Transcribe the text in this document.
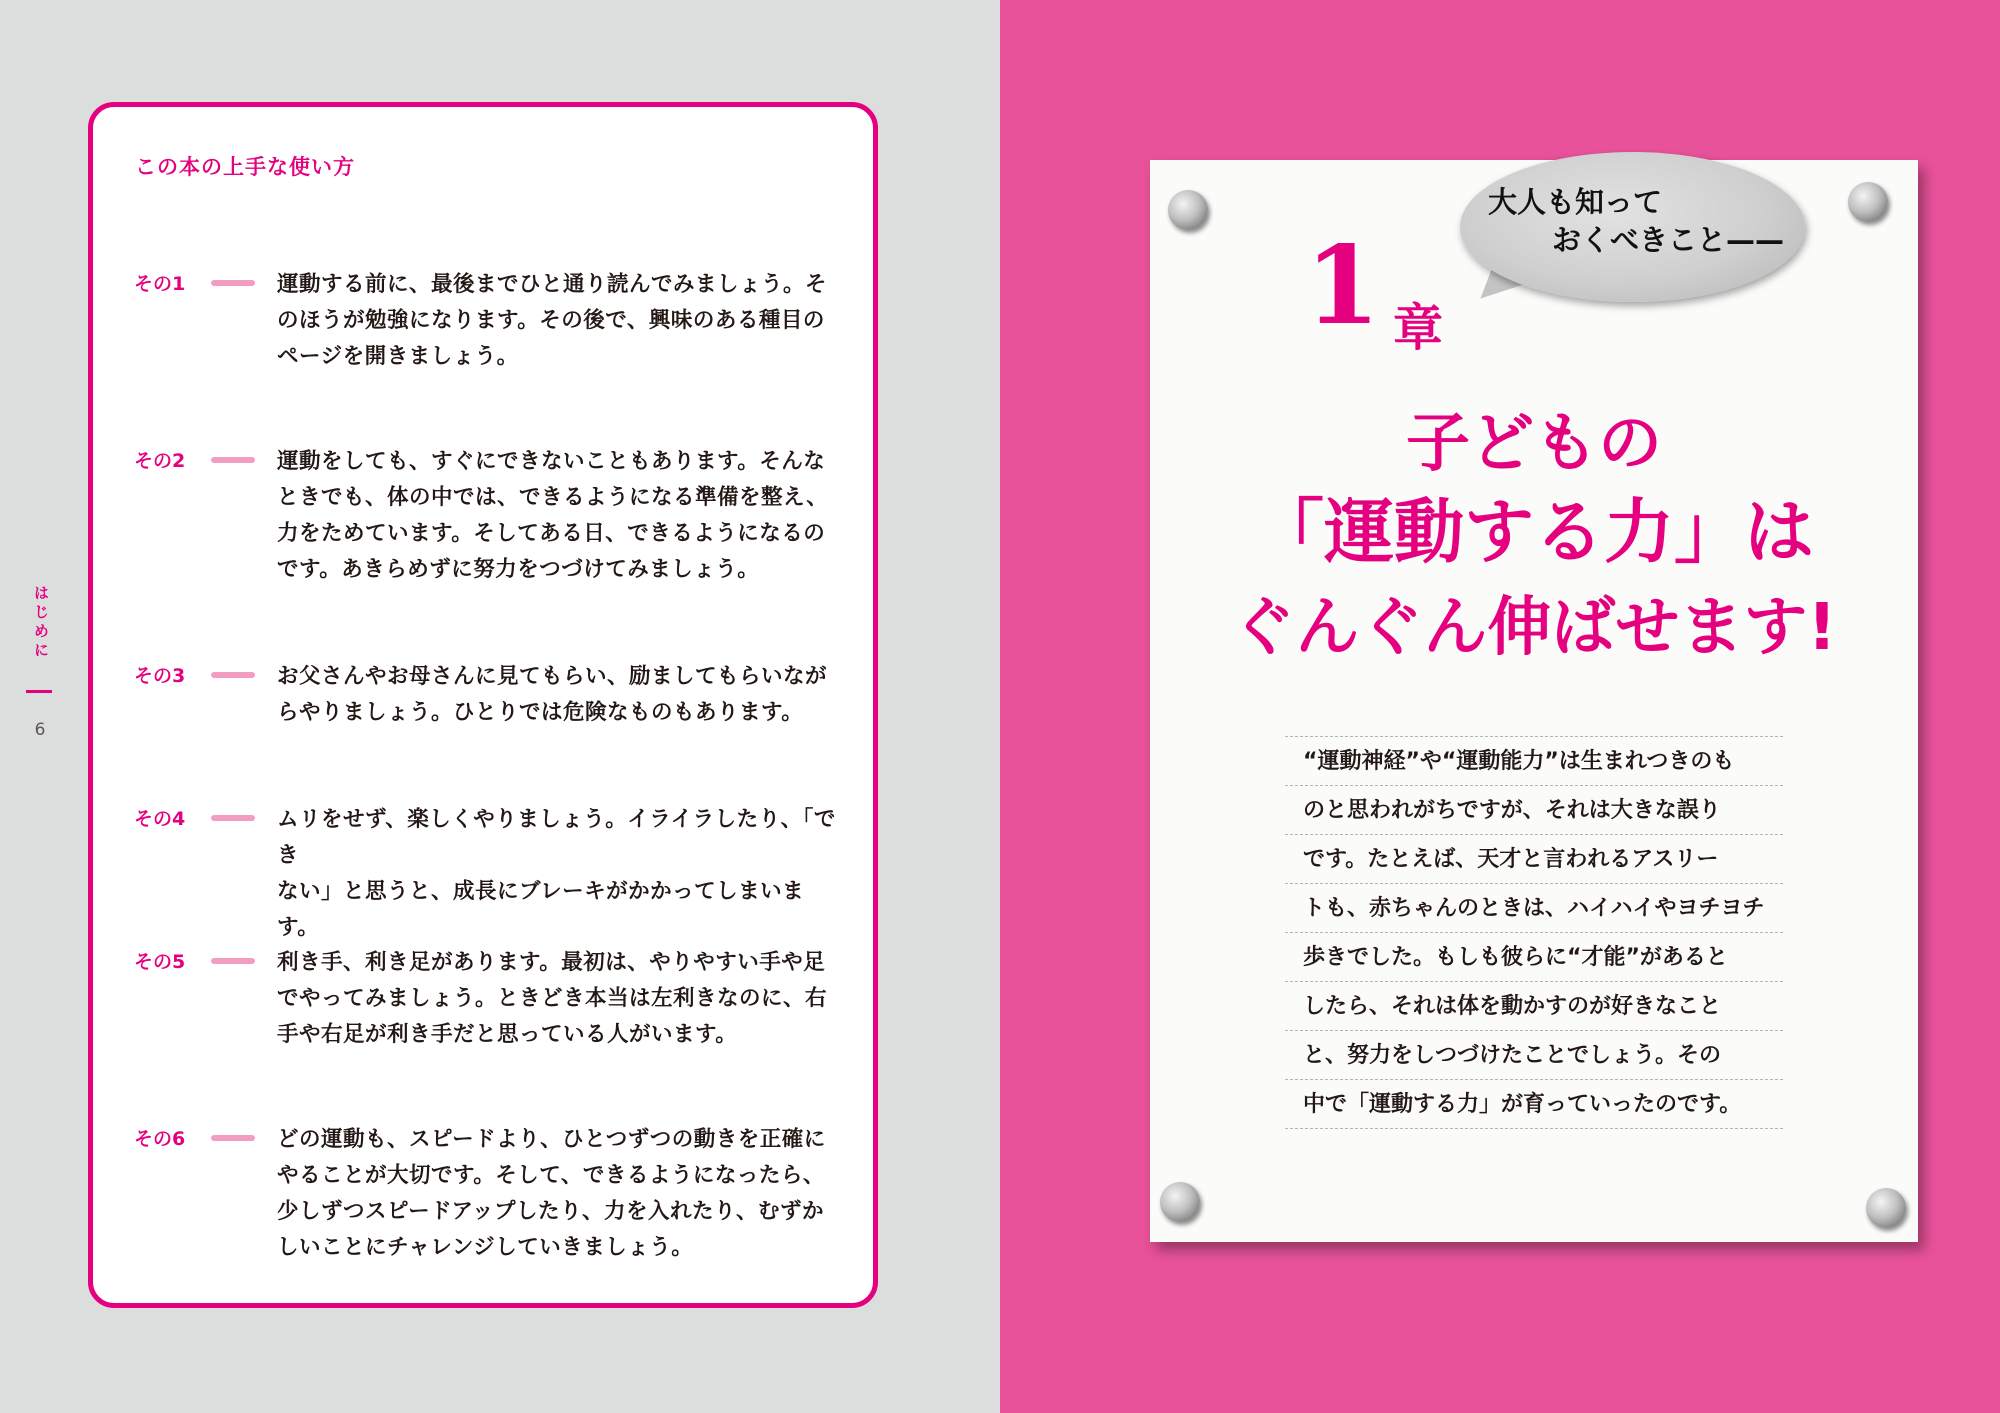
はじめに
6
この本の上手な使い方
その1	運動する前に、最後までひと通り読んでみましょう。そ
のほうが勉強になります。その後で、興味のある種目の
ページを開きましょう。
その2	運動をしても、すぐにできないこともあります。そんな
ときでも、体の中では、できるようになる準備を整え、
力をためています。そしてある日、できるようになるの
です。あきらめずに努力をつづけてみましょう。
その3	お父さんやお母さんに見てもらい、励ましてもらいなが
らやりましょう。ひとりでは危険なものもあります。
その4	ムリをせず、楽しくやりましょう。イライラしたり、「でき
ない」と思うと、成長にブレーキがかかってしまいます。
その5	利き手、利き足があります。最初は、やりやすい手や足
でやってみましょう。ときどき本当は左利きなのに、右
手や右足が利き手だと思っている人がいます。
その6	どの運動も、スピードより、ひとつずつの動きを正確に
やることが大切です。そして、できるようになったら、
少しずつスピードアップしたり、力を入れたり、むずか
しいことにチャレンジしていきましょう。
大人も知って
おくべきこと——
1 章
子どもの
「運動する力」は
ぐんぐん伸ばせます!
“運動神経”や“運動能力”は生まれつきのも
のと思われがちですが、それは大きな誤り
です。たとえば、天才と言われるアスリー
トも、赤ちゃんのときは、ハイハイやヨチヨチ
歩きでした。もしも彼らに“才能”があると
したら、それは体を動かすのが好きなこと
と、努力をしつづけたことでしょう。その
中で「運動する力」が育っていったのです。
